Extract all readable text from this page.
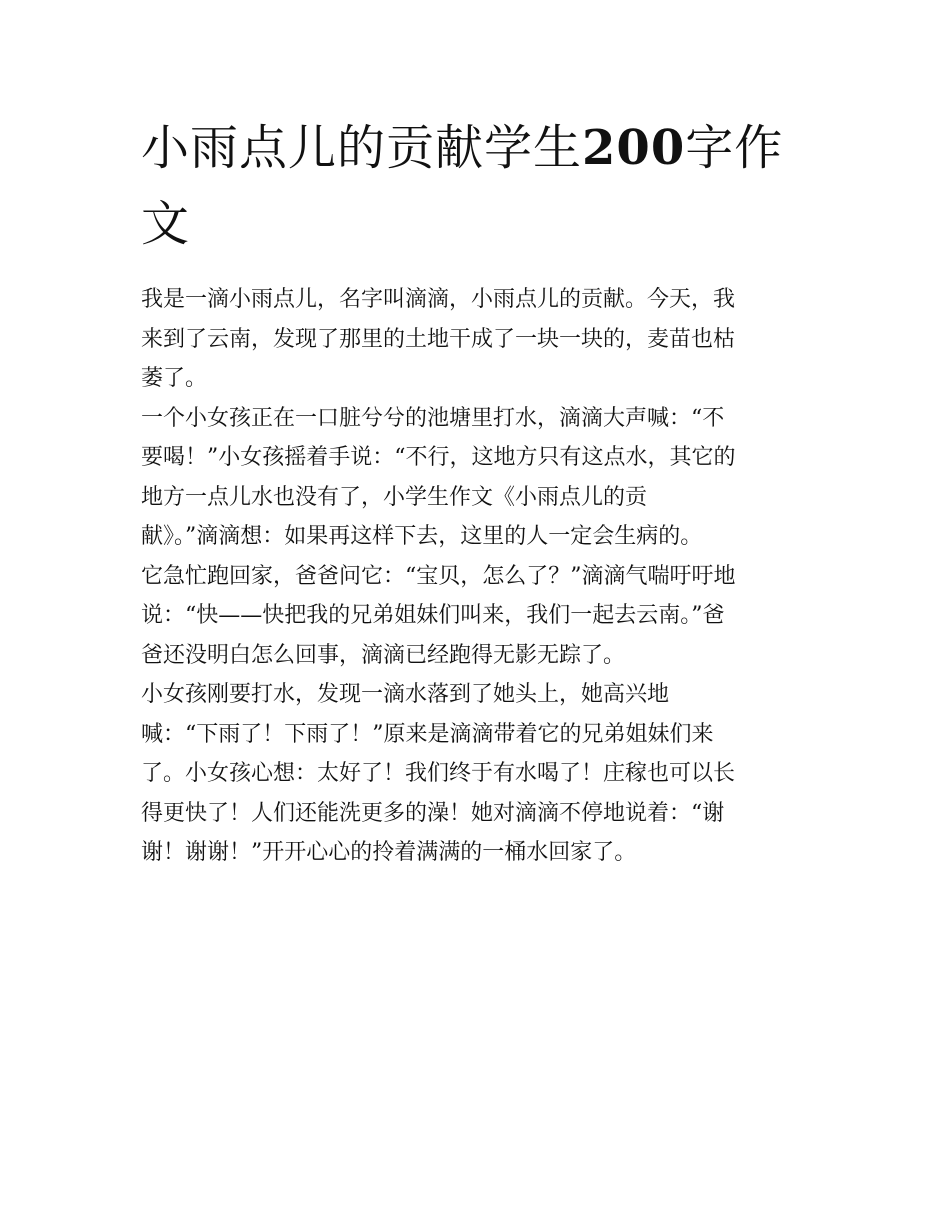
小雨点儿的贡献学生200字作
文
我是一滴小雨点儿，名字叫滴滴，小雨点儿的贡献。今天，我
来到了云南，发现了那里的土地干成了一块一块的，麦苗也枯
萎了。
一个小女孩正在一口脏兮兮的池塘里打水，滴滴大声喊：“不
要喝！”小女孩摇着手说：“不行，这地方只有这点水，其它的
地方一点儿水也没有了，小学生作文《小雨点儿的贡
献》。”滴滴想：如果再这样下去，这里的人一定会生病的。
它急忙跑回家，爸爸问它：“宝贝，怎么了？”滴滴气喘吁吁地
说：“快——快把我的兄弟姐妹们叫来，我们一起去云南。”爸
爸还没明白怎么回事，滴滴已经跑得无影无踪了。
小女孩刚要打水，发现一滴水落到了她头上，她高兴地
喊：“下雨了！下雨了！”原来是滴滴带着它的兄弟姐妹们来
了。小女孩心想：太好了！我们终于有水喝了！庄稼也可以长
得更快了！人们还能洗更多的澡！她对滴滴不停地说着：“谢
谢！谢谢！”开开心心的拎着满满的一桶水回家了。
